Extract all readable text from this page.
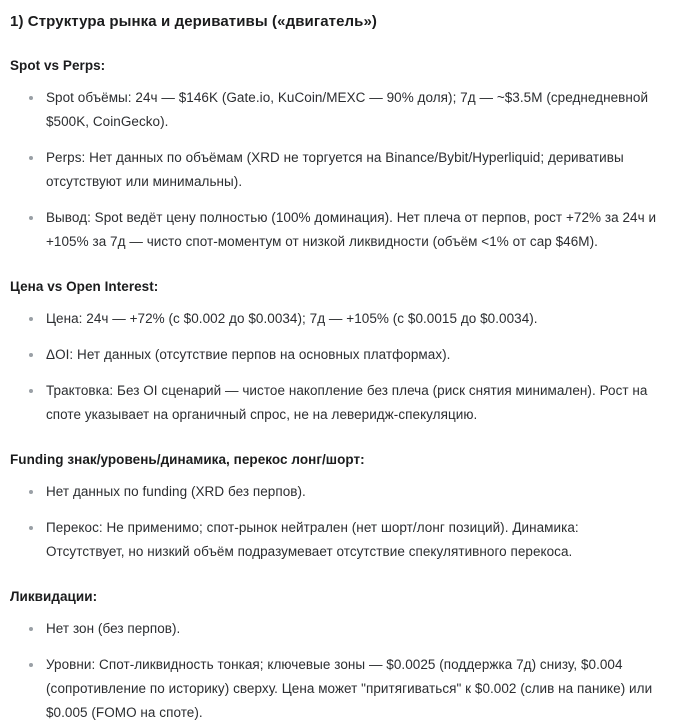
1) Структура рынка и деривативы («двигатель»)
Spot vs Perps:
Spot объёмы: 24ч — $146K (Gate.io, KuCoin/MEXC — 90% доля); 7д — ~$3.5M (среднедневной $500K, CoinGecko).
Perps: Нет данных по объёмам (XRD не торгуется на Binance/Bybit/Hyperliquid; деривативы отсутствуют или минимальны).
Вывод: Spot ведёт цену полностью (100% доминация). Нет плеча от перпов, рост +72% за 24ч и +105% за 7д — чисто спот-моментум от низкой ликвидности (объём <1% от cap $46M).
Цена vs Open Interest:
Цена: 24ч — +72% (с $0.002 до $0.0034); 7д — +105% (с $0.0015 до $0.0034).
ΔOI: Нет данных (отсутствие перпов на основных платформах).
Трактовка: Без OI сценарий — чистое накопление без плеча (риск снятия минимален). Рост на споте указывает на органичный спрос, не на леверидж-спекуляцию.
Funding знак/уровень/динамика, перекос лонг/шорт:
Нет данных по funding (XRD без перпов).
Перекос: Не применимо; спот-рынок нейтрален (нет шорт/лонг позиций). Динамика: Отсутствует, но низкий объём подразумевает отсутствие спекулятивного перекоса.
Ликвидации:
Нет зон (без перпов).
Уровни: Спот-ликвидность тонкая; ключевые зоны — $0.0025 (поддержка 7д) снизу, $0.004 (сопротивление по историку) сверху. Цена может "притягиваться" к $0.002 (слив на панике) или $0.005 (FOMO на споте).
